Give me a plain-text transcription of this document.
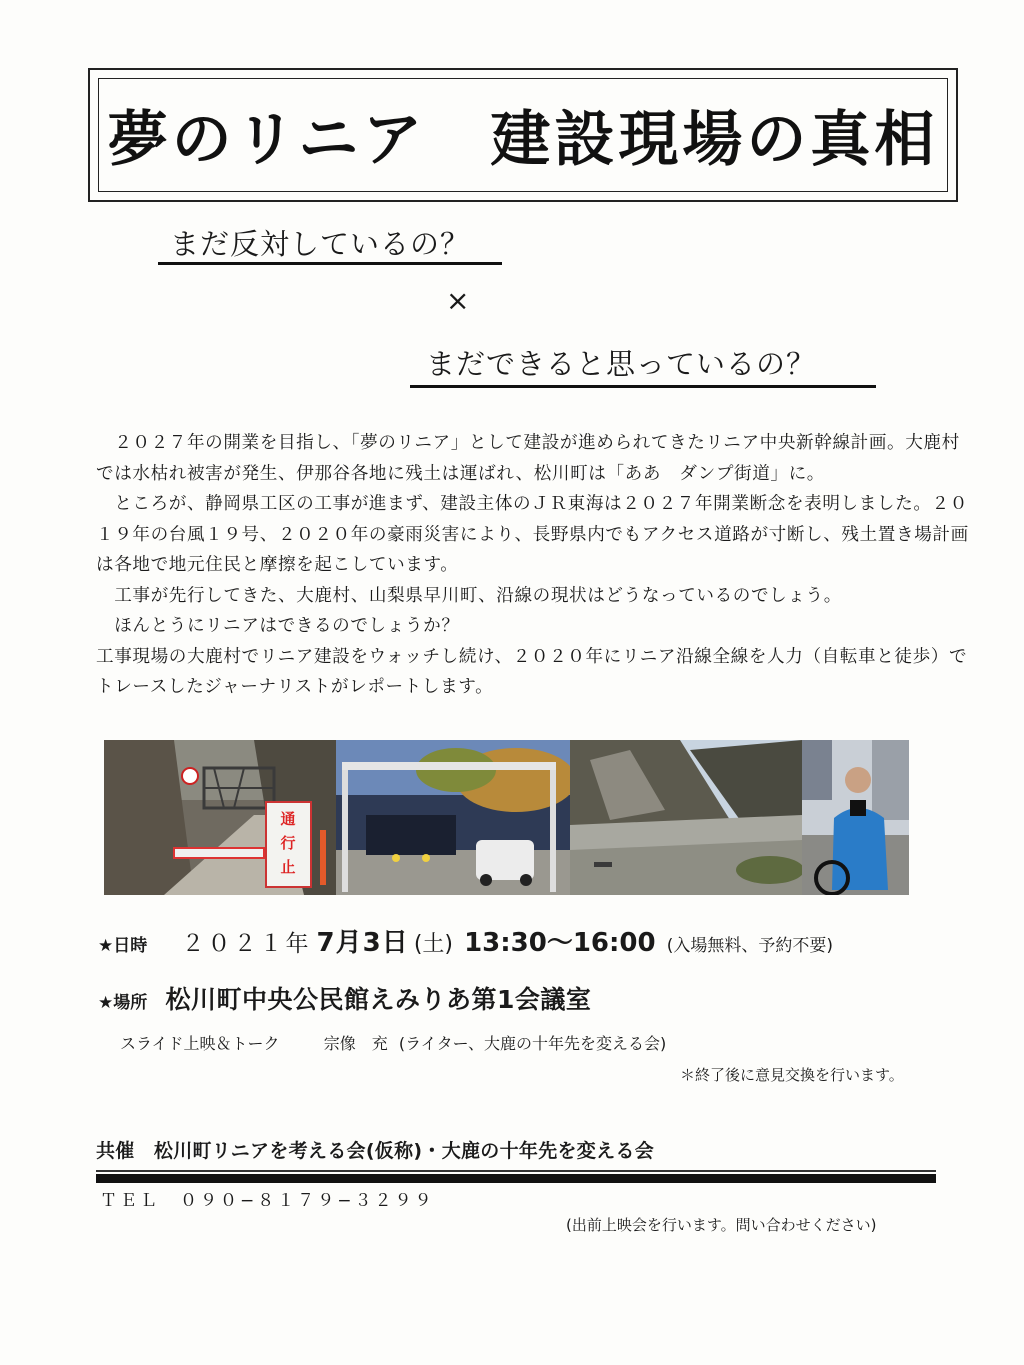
夢のリニア　建設現場の真相
まだ反対しているの？
×
まだできると思っているの？

　２０２７年の開業を目指し、「夢のリニア」として建設が進められてきたリニア中央新幹線計画。大鹿村では水枯れ被害が発生、伊那谷各地に残土は運ばれ、松川町は「ああ　ダンプ街道」に。

　ところが、静岡県工区の工事が進まず、建設主体のＪＲ東海は２０２７年開業断念を表明しました。２０１９年の台風１９号、２０２０年の豪雨災害により、長野県内でもアクセス道路が寸断し、残土置き場計画は各地で地元住民と摩擦を起こしています。

　工事が先行してきた、大鹿村、山梨県早川町、沿線の現状はどうなっているのでしょう。

　ほんとうにリニアはできるのでしょうか？

工事現場の大鹿村でリニア建設をウォッチし続け、２０２０年にリニア沿線全線を人力（自転車と徒歩）でトレースしたジャーナリストがレポートします。

通
行
止
★日時 ２０２１年 7月3日 (土) 13:30〜16:00 (入場無料、予約不要)
★場所 松川町中央公民館えみりあ第1会議室
スライド上映＆トーク	宗像　充 (ライター、大鹿の十年先を変える会)
＊終了後に意見交換を行います。
共催　松川町リニアを考える会(仮称)・大鹿の十年先を変える会
ＴＥＬ　０９０−８１７９−３２９９
(出前上映会を行います。問い合わせください)
